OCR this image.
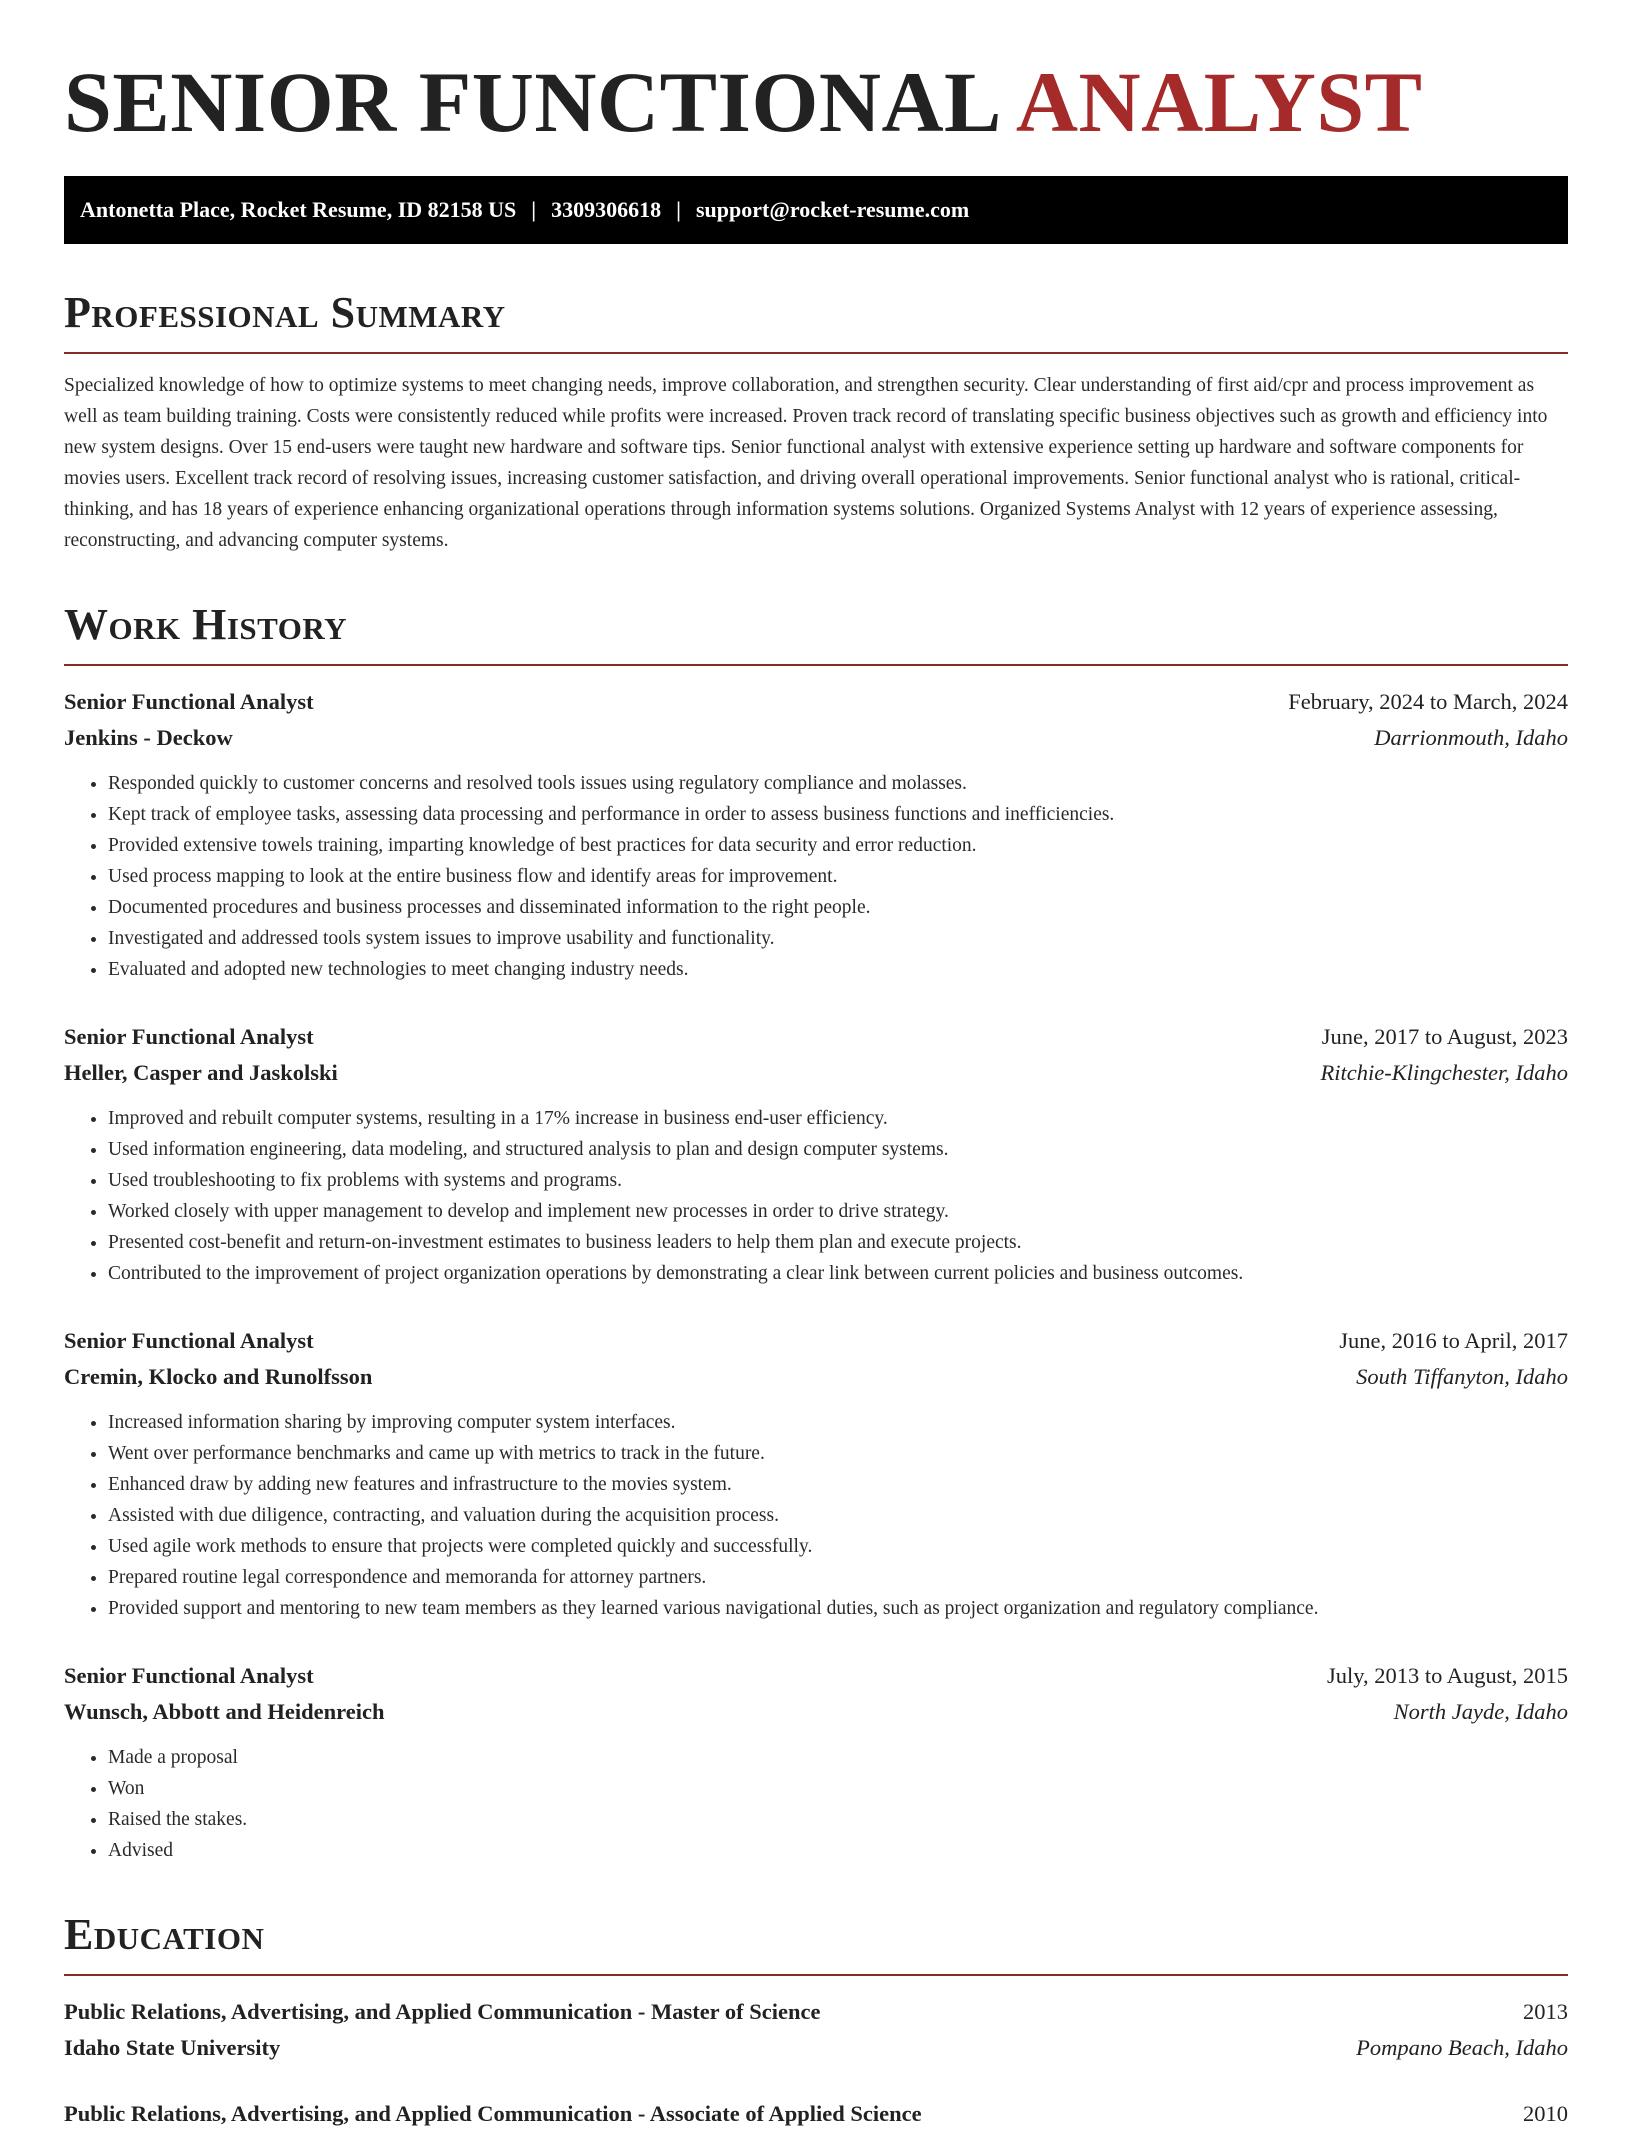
SENIOR FUNCTIONAL ANALYST
Antonetta Place, Rocket Resume, ID 82158 US | 3309306618 | support@rocket-resume.com
Professional Summary

Specialized knowledge of how to optimize systems to meet changing needs, improve collaboration, and strengthen security. Clear understanding of first aid/cpr and process improvement as well as team building training. Costs were consistently reduced while profits were increased. Proven track record of translating specific business objectives such as growth and efficiency into new system designs. Over 15 end-users were taught new hardware and software tips. Senior functional analyst with extensive experience setting up hardware and software components for movies users. Excellent track record of resolving issues, increasing customer satisfaction, and driving overall operational improvements. Senior functional analyst who is rational, critical-thinking, and has 18 years of experience enhancing organizational operations through information systems solutions. Organized Systems Analyst with 12 years of experience assessing, reconstructing, and advancing computer systems.

Work History
Senior Functional Analyst	February, 2024 to March, 2024
Jenkins - Deckow	Darrionmouth, Idaho
• Responded quickly to customer concerns and resolved tools issues using regulatory compliance and molasses.
• Kept track of employee tasks, assessing data processing and performance in order to assess business functions and inefficiencies.
• Provided extensive towels training, imparting knowledge of best practices for data security and error reduction.
• Used process mapping to look at the entire business flow and identify areas for improvement.
• Documented procedures and business processes and disseminated information to the right people.
• Investigated and addressed tools system issues to improve usability and functionality.
• Evaluated and adopted new technologies to meet changing industry needs.
Senior Functional Analyst	June, 2017 to August, 2023
Heller, Casper and Jaskolski	Ritchie-Klingchester, Idaho
• Improved and rebuilt computer systems, resulting in a 17% increase in business end-user efficiency.
• Used information engineering, data modeling, and structured analysis to plan and design computer systems.
• Used troubleshooting to fix problems with systems and programs.
• Worked closely with upper management to develop and implement new processes in order to drive strategy.
• Presented cost-benefit and return-on-investment estimates to business leaders to help them plan and execute projects.
• Contributed to the improvement of project organization operations by demonstrating a clear link between current policies and business outcomes.
Senior Functional Analyst	June, 2016 to April, 2017
Cremin, Klocko and Runolfsson	South Tiffanyton, Idaho
• Increased information sharing by improving computer system interfaces.
• Went over performance benchmarks and came up with metrics to track in the future.
• Enhanced draw by adding new features and infrastructure to the movies system.
• Assisted with due diligence, contracting, and valuation during the acquisition process.
• Used agile work methods to ensure that projects were completed quickly and successfully.
• Prepared routine legal correspondence and memoranda for attorney partners.
• Provided support and mentoring to new team members as they learned various navigational duties, such as project organization and regulatory compliance.
Senior Functional Analyst	July, 2013 to August, 2015
Wunsch, Abbott and Heidenreich	North Jayde, Idaho
• Made a proposal
• Won
• Raised the stakes.
• Advised
Education
Public Relations, Advertising, and Applied Communication - Master of Science	2013
Idaho State University	Pompano Beach, Idaho
Public Relations, Advertising, and Applied Communication - Associate of Applied Science	2010
